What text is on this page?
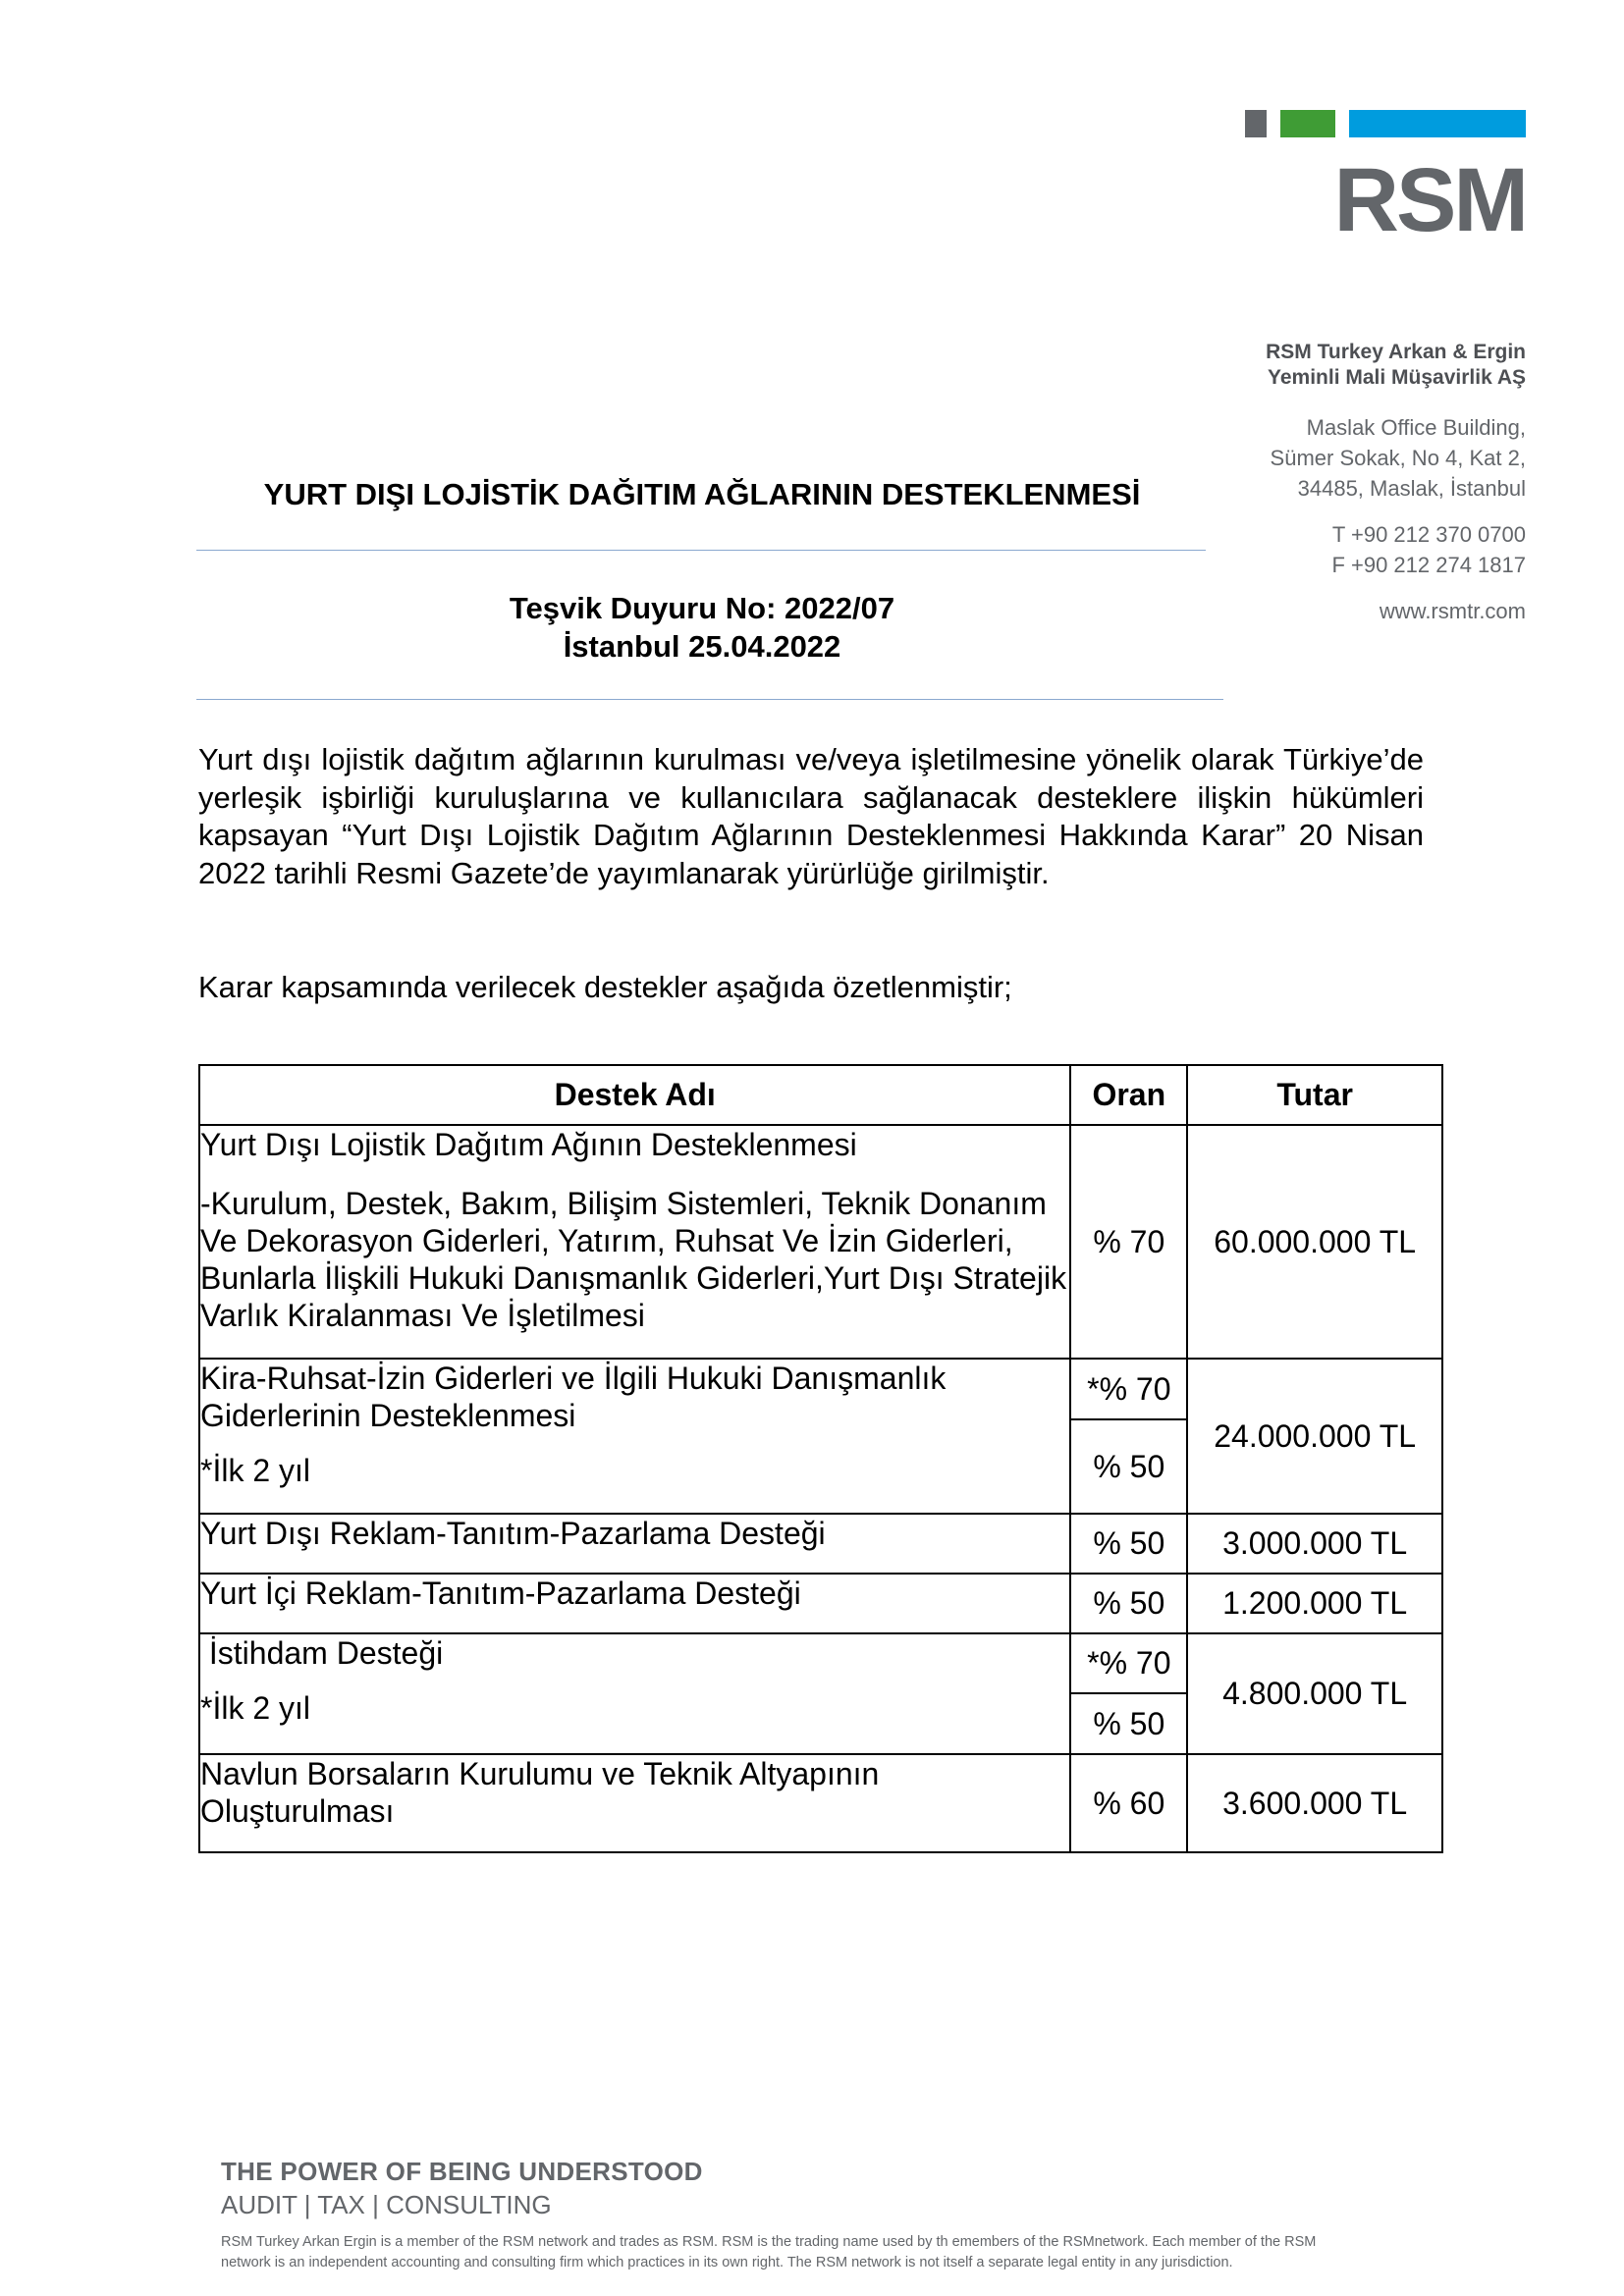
RSM
RSM Turkey Arkan & Ergin
Yeminli Mali Müşavirlik AŞ
Maslak Office Building,
Sümer Sokak, No 4, Kat 2,
34485, Maslak, İstanbul
T +90 212 370 0700
F +90 212 274 1817
www.rsmtr.com
YURT DIŞI LOJİSTİK DAĞITIM AĞLARININ DESTEKLENMESİ
Teşvik Duyuru No: 2022/07
İstanbul 25.04.2022
Yurt dışı lojistik dağıtım ağlarının kurulması ve/veya işletilmesine yönelik olarak Türkiye’de yerleşik işbirliği kuruluşlarına ve kullanıcılara sağlanacak desteklere ilişkin hükümleri kapsayan “Yurt Dışı Lojistik Dağıtım Ağlarının Desteklenmesi Hakkında Karar” 20 Nisan 2022 tarihli Resmi Gazete’de yayımlanarak yürürlüğe girilmiştir.
Karar kapsamında verilecek destekler aşağıda özetlenmiştir;
Destek Adı	Oran	Tutar

Yurt Dışı Lojistik Dağıtım Ağının Desteklenmesi

-Kurulum, Destek, Bakım, Bilişim Sistemleri, Teknik Donanım Ve Dekorasyon Giderleri, Yatırım, Ruhsat Ve İzin Giderleri, Bunlarla İlişkili Hukuki Danışmanlık Giderleri,Yurt Dışı Stratejik Varlık Kiralanması Ve İşletilmesi	% 70	60.000.000 TL

Kira-Ruhsat-İzin Giderleri ve İlgili Hukuki Danışmanlık Giderlerinin Desteklenmesi

*İlk 2 yıl	*% 70	24.000.000 TL
	% 50	
Yurt Dışı Reklam-Tanıtım-Pazarlama Desteği	% 50	3.000.000 TL
Yurt İçi Reklam-Tanıtım-Pazarlama Desteği	% 50	1.200.000 TL

İstihdam Desteği

*İlk 2 yıl	*% 70	4.800.000 TL
	% 50	
Navlun Borsaların Kurulumu ve Teknik Altyapının Oluşturulması	% 60	3.600.000 TL
THE POWER OF BEING UNDERSTOOD
AUDIT | TAX | CONSULTING
RSM Turkey Arkan Ergin is a member of the RSM network and trades as RSM. RSM is the trading name used by th emembers of the RSMnetwork. Each member of the RSM network is an independent accounting and consulting firm which practices in its own right. The RSM network is not itself a separate legal entity in any jurisdiction.
